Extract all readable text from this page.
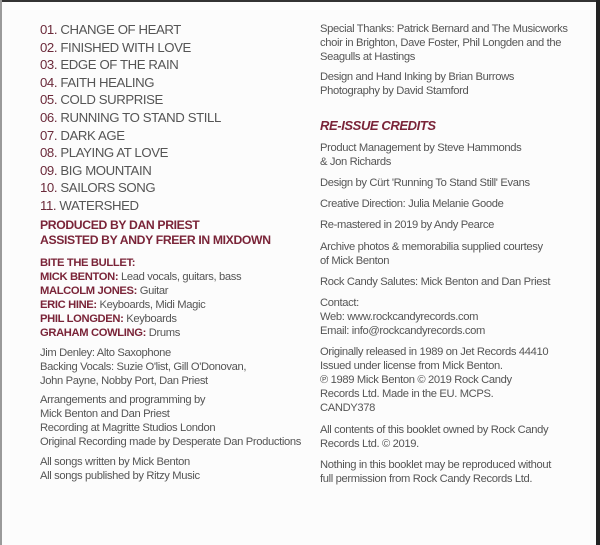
01. CHANGE OF HEART
02. FINISHED WITH LOVE
03. EDGE OF THE RAIN
04. FAITH HEALING
05. COLD SURPRISE
06. RUNNING TO STAND STILL
07. DARK AGE
08. PLAYING AT LOVE
09. BIG MOUNTAIN
10. SAILORS SONG
11. WATERSHED
PRODUCED BY DAN PRIEST
ASSISTED BY ANDY FREER IN MIXDOWN
BITE THE BULLET:
MICK BENTON: Lead vocals, guitars, bass
MALCOLM JONES: Guitar
ERIC HINE: Keyboards, Midi Magic
PHIL LONGDEN: Keyboards
GRAHAM COWLING: Drums
Jim Denley: Alto Saxophone
Backing Vocals: Suzie O'list, Gill O'Donovan,
John Payne, Nobby Port, Dan Priest
Arrangements and programming by
Mick Benton and Dan Priest
Recording at Magritte Studios London
Original Recording made by Desperate Dan Productions
All songs written by Mick Benton
All songs published by Ritzy Music
Special Thanks: Patrick Bernard and The Musicworks
choir in Brighton, Dave Foster, Phil Longden and the
Seagulls at Hastings
Design and Hand Inking by Brian Burrows
Photography by David Stamford
RE-ISSUE CREDITS
Product Management by Steve Hammonds
& Jon Richards
Design by Cürt 'Running To Stand Still' Evans
Creative Direction: Julia Melanie Goode
Re-mastered in 2019 by Andy Pearce
Archive photos & memorabilia supplied courtesy
of Mick Benton
Rock Candy Salutes: Mick Benton and Dan Priest
Contact:
Web: www.rockcandyrecords.com
Email: info@rockcandyrecords.com
Originally released in 1989 on Jet Records 44410
Issued under license from Mick Benton.
℗ 1989 Mick Benton © 2019 Rock Candy
Records Ltd. Made in the EU. MCPS.
CANDY378
All contents of this booklet owned by Rock Candy
Records Ltd. © 2019.
Nothing in this booklet may be reproduced without
full permission from Rock Candy Records Ltd.
